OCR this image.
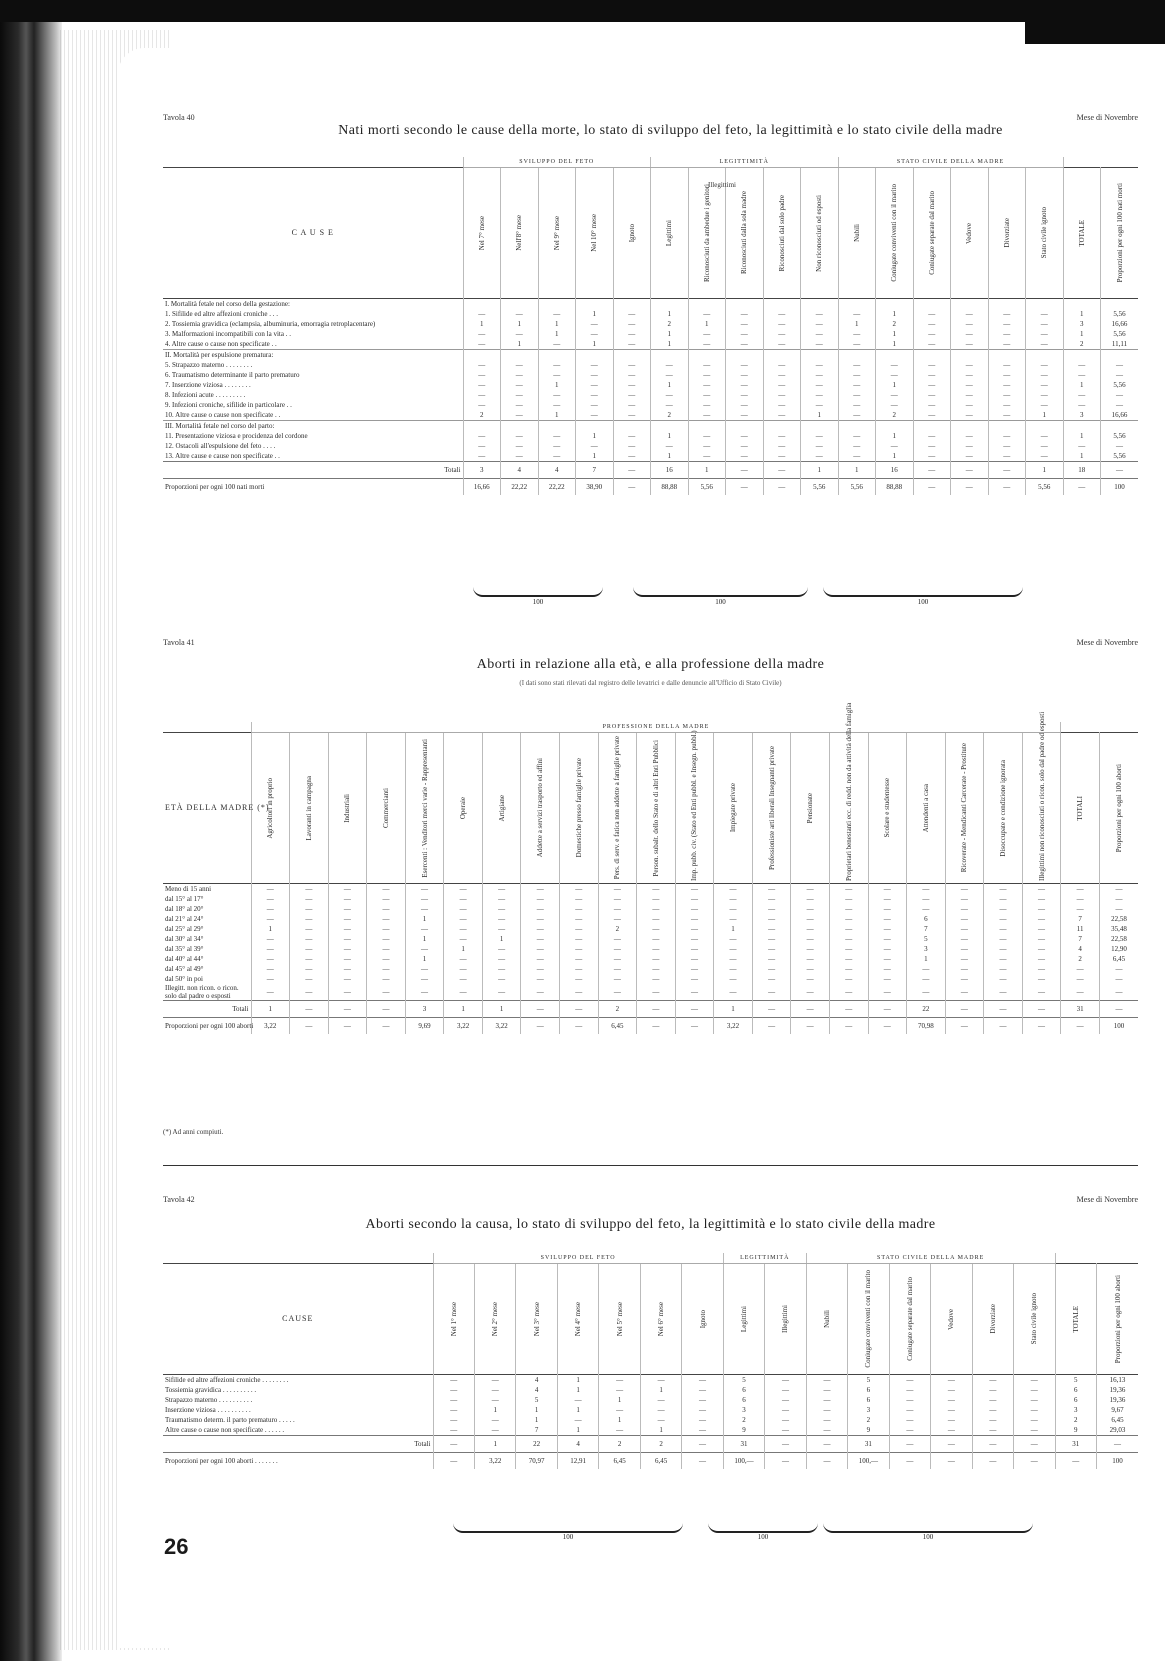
Tavola 40	Mese di Novembre
Nati morti secondo le cause della morte, lo stato di sviluppo del feto, la legittimità e lo stato civile della madre
	SVILUPPO DEL FETO					LEGITTIMITÀ					STATO CIVILE DELLA MADRE							
C A U S E	Nel 7° mese	Nell'8° mese	Nel 9° mese	Nel 10° mese	Ignoto	Legittimi	Riconosciuti da ambedue i genitori	Riconosciuti dalla sola madre	Riconosciuti dal solo padre	Non riconosciuti od esposti	Nubili	Coniugate conviventi con il marito	Coniugate separate dal marito	Vedove	Divorziate	Stato civile ignoto	TOTALE	Proporzioni per ogni 100 nati morti

I. Mortalità fetale nel corso della gestazione:																		
1. Sifilide ed altre affezioni croniche . . .	—	—	—	1	—	1	—	—	—	—	—	1	—	—	—	—	1	5,56
2. Tossiemia gravidica (eclampsia, albuminuria, emorragia retroplacentare)	1	1	1	—	—	2	1	—	—	—	1	2	—	—	—	—	3	16,66
3. Malformazioni incompatibili con la vita . .	—	—	1	—	—	1	—	—	—	—	—	1	—	—	—	—	1	5,56
4. Altre cause o cause non specificate . .	—	1	—	1	—	1	—	—	—	—	—	1	—	—	—	—	2	11,11
II. Mortalità per espulsione prematura:																		
5. Strapazzo materno . . . . . . . .	—	—	—	—	—	—	—	—	—	—	—	—	—	—	—	—	—	—
6. Traumatismo determinante il parto prematuro	—	—	—	—	—	—	—	—	—	—	—	—	—	—	—	—	—	—
7. Inserzione viziosa . . . . . . . .	—	—	1	—	—	1	—	—	—	—	—	1	—	—	—	—	1	5,56
8. Infezioni acute . . . . . . . . .	—	—	—	—	—	—	—	—	—	—	—	—	—	—	—	—	—	—
9. Infezioni croniche, sifilide in particolare . .	—	—	—	—	—	—	—	—	—	—	—	—	—	—	—	—	—	—
10. Altre cause o cause non specificate . .	2	—	1	—	—	2	—	—	—	1	—	2	—	—	—	1	3	16,66
III. Mortalità fetale nel corso del parto:																		
11. Presentazione viziosa e procidenza del cordone	—	—	—	1	—	1	—	—	—	—	—	1	—	—	—	—	1	5,56
12. Ostacoli all'espulsione del feto . . . .	—	—	—	—	—	—	—	—	—	—	—	—	—	—	—	—	—	—
13. Altre cause e cause non specificate . .	—	—	—	1	—	1	—	—	—	—	—	1	—	—	—	—	1	5,56
Totali	3	4	4	7	—	16	1	—	—	1	1	16	—	—	—	1	18	—
Proporzioni per ogni 100 nati morti	16,66	22,22	22,22	38,90	—	88,88	5,56	—	—	5,56	5,56	88,88	—	—	—	5,56	—	100
100	100	100
Illegittimi
Tavola 41	Mese di Novembre
Aborti in relazione alla età, e alla professione della madre
(I dati sono stati rilevati dal registro delle levatrici e dalle denuncie all'Ufficio di Stato Civile)
	PROFESSIONE DELLA MADRE																						
ETÀ DELLA MADRE (*)	Agricoltori in proprio	Lavoranti in campagna	Industriali	Commercianti	Esercenti : Venditori merci varie - Rappresentanti	Operaie	Artigiane	Addette a servizi trasporto ed affini	Domestiche presso famiglie private	Pers. di serv. e fatica non addette a famiglie private	Person. subalt. dello Stato e di altri Enti Pubblici	Imp. pubb. civ. (Stato ed Enti pubbl. e Insegn. pubbl.)	Impiegate private	Professioniste arti liberali Insegnanti private	Pensionate	Proprietari benestanti ecc. di redd. non da attività della famiglia	Scolare e studentesse	Attendenti a casa	Ricoverate - Mendicanti Carcerate - Prostitute	Disoccupate e condizione ignorata	Illegittimi non riconosciuti o ricon. solo dal padre od esposti	TOTALI	Proporzioni per ogni 100 aborti

Meno di 15 anni	—	—	—	—	—	—	—	—	—	—	—	—	—	—	—	—	—	—	—	—	—	—	—
dal 15° al 17°	—	—	—	—	—	—	—	—	—	—	—	—	—	—	—	—	—	—	—	—	—	—	—
dal 18° al 20°	—	—	—	—	—	—	—	—	—	—	—	—	—	—	—	—	—	—	—	—	—	—	—
dal 21° al 24°	—	—	—	—	1	—	—	—	—	—	—	—	—	—	—	—	—	6	—	—	—	7	22,58
dal 25° al 29°	1	—	—	—	—	—	—	—	—	2	—	—	1	—	—	—	—	7	—	—	—	11	35,48
dal 30° al 34°	—	—	—	—	1	—	1	—	—	—	—	—	—	—	—	—	—	5	—	—	—	7	22,58
dal 35° al 39°	—	—	—	—	—	1	—	—	—	—	—	—	—	—	—	—	—	3	—	—	—	4	12,90
dal 40° al 44°	—	—	—	—	1	—	—	—	—	—	—	—	—	—	—	—	—	1	—	—	—	2	6,45
dal 45° al 49°	—	—	—	—	—	—	—	—	—	—	—	—	—	—	—	—	—	—	—	—	—	—	—
dal 50° in poi	—	—	—	—	—	—	—	—	—	—	—	—	—	—	—	—	—	—	—	—	—	—	—
Illegitt. non ricon. o ricon. solo dal padre o esposti	—	—	—	—	—	—	—	—	—	—	—	—	—	—	—	—	—	—	—	—	—	—	—
Totali	1	—	—	—	3	1	1	—	—	2	—	—	1	—	—	—	—	22	—	—	—	31	—
Proporzioni per ogni 100 aborti	3,22	—	—	—	9,69	3,22	3,22	—	—	6,45	—	—	3,22	—	—	—	—	70,98	—	—	—	—	100
(*) Ad anni compiuti.
Tavola 42	Mese di Novembre
Aborti secondo la causa, lo stato di sviluppo del feto, la legittimità e lo stato civile della madre
	SVILUPPO DEL FETO							LEGITTIMITÀ		STATO CIVILE DELLA MADRE							
CAUSE	Nel 1° mese	Nel 2° mese	Nel 3° mese	Nel 4° mese	Nel 5° mese	Nel 6° mese	Ignoto	Legittimi	Illegittimi	Nubili	Coniugate conviventi con il marito	Coniugate separate dal marito	Vedove	Divorziate	Stato civile ignoto	TOTALE	Proporzioni per ogni 100 aborti

Sifilide ed altre affezioni croniche . . . . . . . .	—	—	4	1	—	—	—	5	—	—	5	—	—	—	—	5	16,13
Tossiemia gravidica . . . . . . . . . .	—	—	4	1	—	1	—	6	—	—	6	—	—	—	—	6	19,36
Strapazzo materno . . . . . . . . . .	—	—	5	—	1	—	—	6	—	—	6	—	—	—	—	6	19,36
Inserzione viziosa . . . . . . . . . .	—	1	1	1	—	—	—	3	—	—	3	—	—	—	—	3	9,67
Traumatismo determ. il parto prematuro . . . . .	—	—	1	—	1	—	—	2	—	—	2	—	—	—	—	2	6,45
Altre cause o cause non specificate . . . . . .	—	—	7	1	—	1	—	9	—	—	9	—	—	—	—	9	29,03
Totali	—	1	22	4	2	2	—	31	—	—	31	—	—	—	—	31	—
Proporzioni per ogni 100 aborti . . . . . . .	—	3,22	70,97	12,91	6,45	6,45	—	100,—	—	—	100,—	—	—	—	—	—	100
100	100	100
26
